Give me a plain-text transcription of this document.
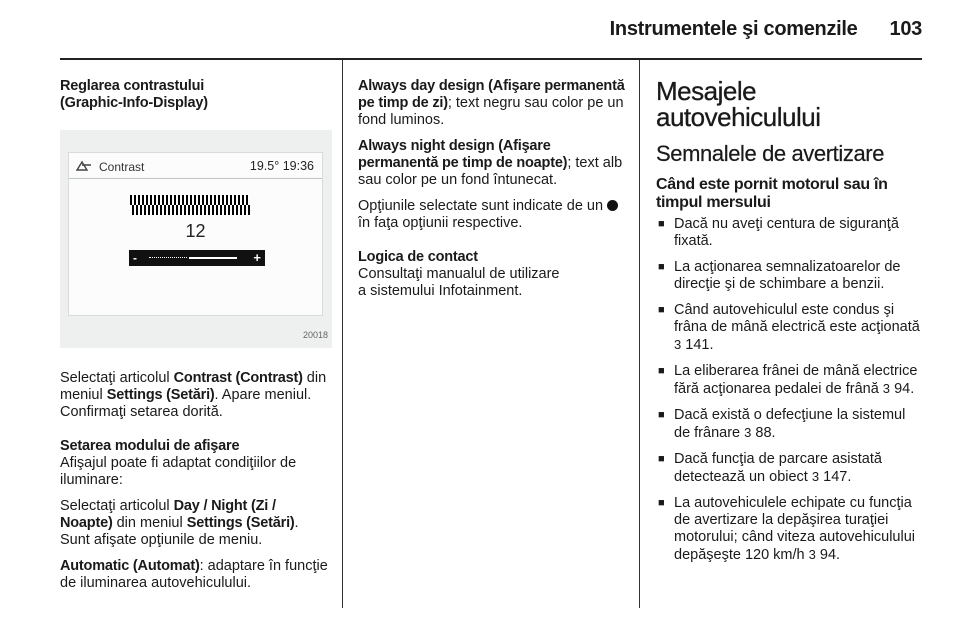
Instrumentele şi comenzile 103
Reglarea contrastului
(Graphic-Info-Display)
Contrast	19.5° 19:36
12
-	+
20018

Selectaţi articolul Contrast (Contrast) din meniul Settings (Setări). Apare meniul. Confirmaţi setarea dorită.

Setarea modului de afişare

Afişajul poate fi adaptat condiţiilor de iluminare:

Selectaţi articolul Day / Night (Zi / Noapte) din meniul Settings (Setări). Sunt afişate opţiunile de meniu.

Automatic (Automat): adaptare în funcţie de iluminarea autovehiculului.

Always day design (Afişare permanentă pe timp de zi); text negru sau color pe un fond luminos.

Always night design (Afişare permanentă pe timp de noapte); text alb sau color pe un fond întunecat.

Opţiunile selectate sunt indicate de un  în faţa opţiunii respective.

Logica de contact
Consultaţi manualul de utilizare
a sistemului Infotainment.
Mesajele
autovehiculului
Semnalele de avertizare
Când este pornit motorul sau în timpul mersului
■ Dacă nu aveţi centura de siguranţă fixată.
■ La acţionarea semnalizatoarelor de direcţie şi de schimbare a benzii.
■ Când autovehiculul este condus şi frâna de mână electrică este acţionată 3 141.
■ La eliberarea frânei de mână electrice fără acţionarea pedalei de frână 3 94.
■ Dacă există o defecţiune la sistemul de frânare 3 88.
■ Dacă funcţia de parcare asistată detectează un obiect 3 147.
■ La autovehiculele echipate cu funcţia de avertizare la depăşirea turaţiei motorului; când viteza autovehiculului depăşeşte 120 km/h 3 94.
